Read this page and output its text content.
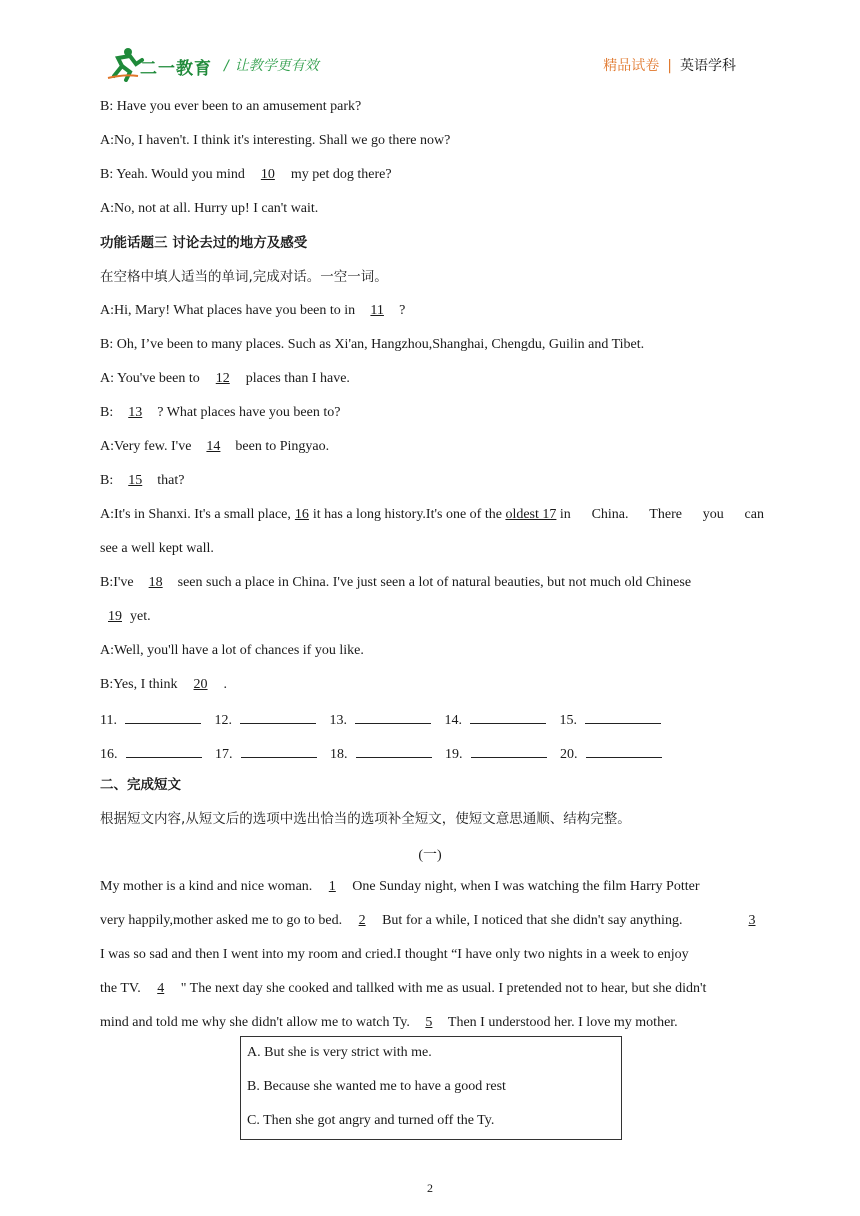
二一教育 / 让教学更有效	精品试卷 | 英语学科
B: Have you ever been to an amusement park?
A:No, I haven't. I think it's interesting. Shall we go there now?
B: Yeah. Would you mind 10 my pet dog there?
A:No, not at all. Hurry up! I can't wait.
功能话题三 讨论去过的地方及感受
在空格中填人适当的单词,完成对话。一空一词。
A:Hi, Mary! What places have you been to in 11 ?
B: Oh, I’ve been to many places. Such as Xi'an, Hangzhou,Shanghai, Chengdu, Guilin and Tibet.
A: You've been to 12 places than I have.
B: 13 ? What places have you been to?
A:Very few. I've 14 been to Pingyao.
B: 15 that?
A:It's in Shanxi. It's a small place, 16 it has a long history.It's one of the oldest 17 in China. There you can
see a well kept wall.
B:I've 18 seen such a place in China. I've just seen a lot of natural beauties, but not much old Chinese
19 yet.
A:Well, you'll have a lot of chances if you like.
B:Yes, I think 20 .
11.	12.	13.	14.	15.
16.	17.	18.	19.	20.
二、完成短文
根据短文内容,从短文后的选项中选出恰当的选项补全短文，使短文意思通顺、结构完整。
(一)
My mother is a kind and nice woman. 1 One Sunday night, when I was watching the film Harry Potter
very happily,mother asked me to go to bed. 2 But for a while, I noticed that she didn't say anything.	3
I was so sad and then I went into my room and cried.I thought “I have only two nights in a week to enjoy
the TV. 4 " The next day she cooked and tallked with me as usual. I pretended not to hear, but she didn't
mind and told me why she didn't allow me to watch Ty. 5 Then I understood her. I love my mother.
A. But she is very strict with me.
B. Because she wanted me to have a good rest
C. Then she got angry and turned off the Ty.
2
